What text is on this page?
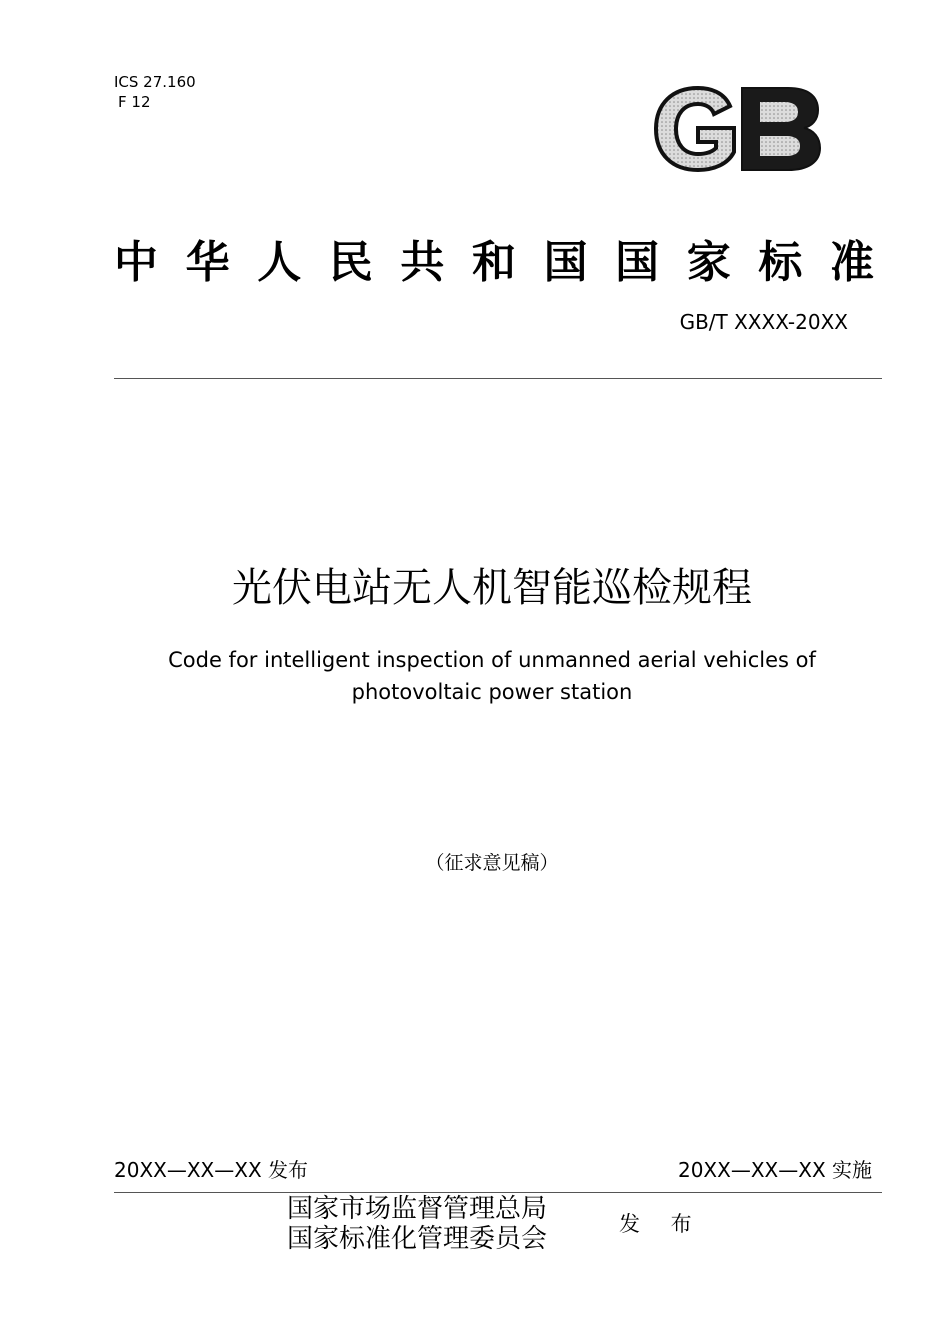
ICS 27.160
F 12
中 华 人 民 共 和 国 国 家 标 准
GB/T XXXX-20XX
光伏电站无人机智能巡检规程
Code for intelligent inspection of unmanned aerial vehicles of photovoltaic power station
（征求意见稿）
20XX—XX—XX 发布	20XX—XX—XX 实施
国家市场监督管理总局
国家标准化管理委员会	发 布
